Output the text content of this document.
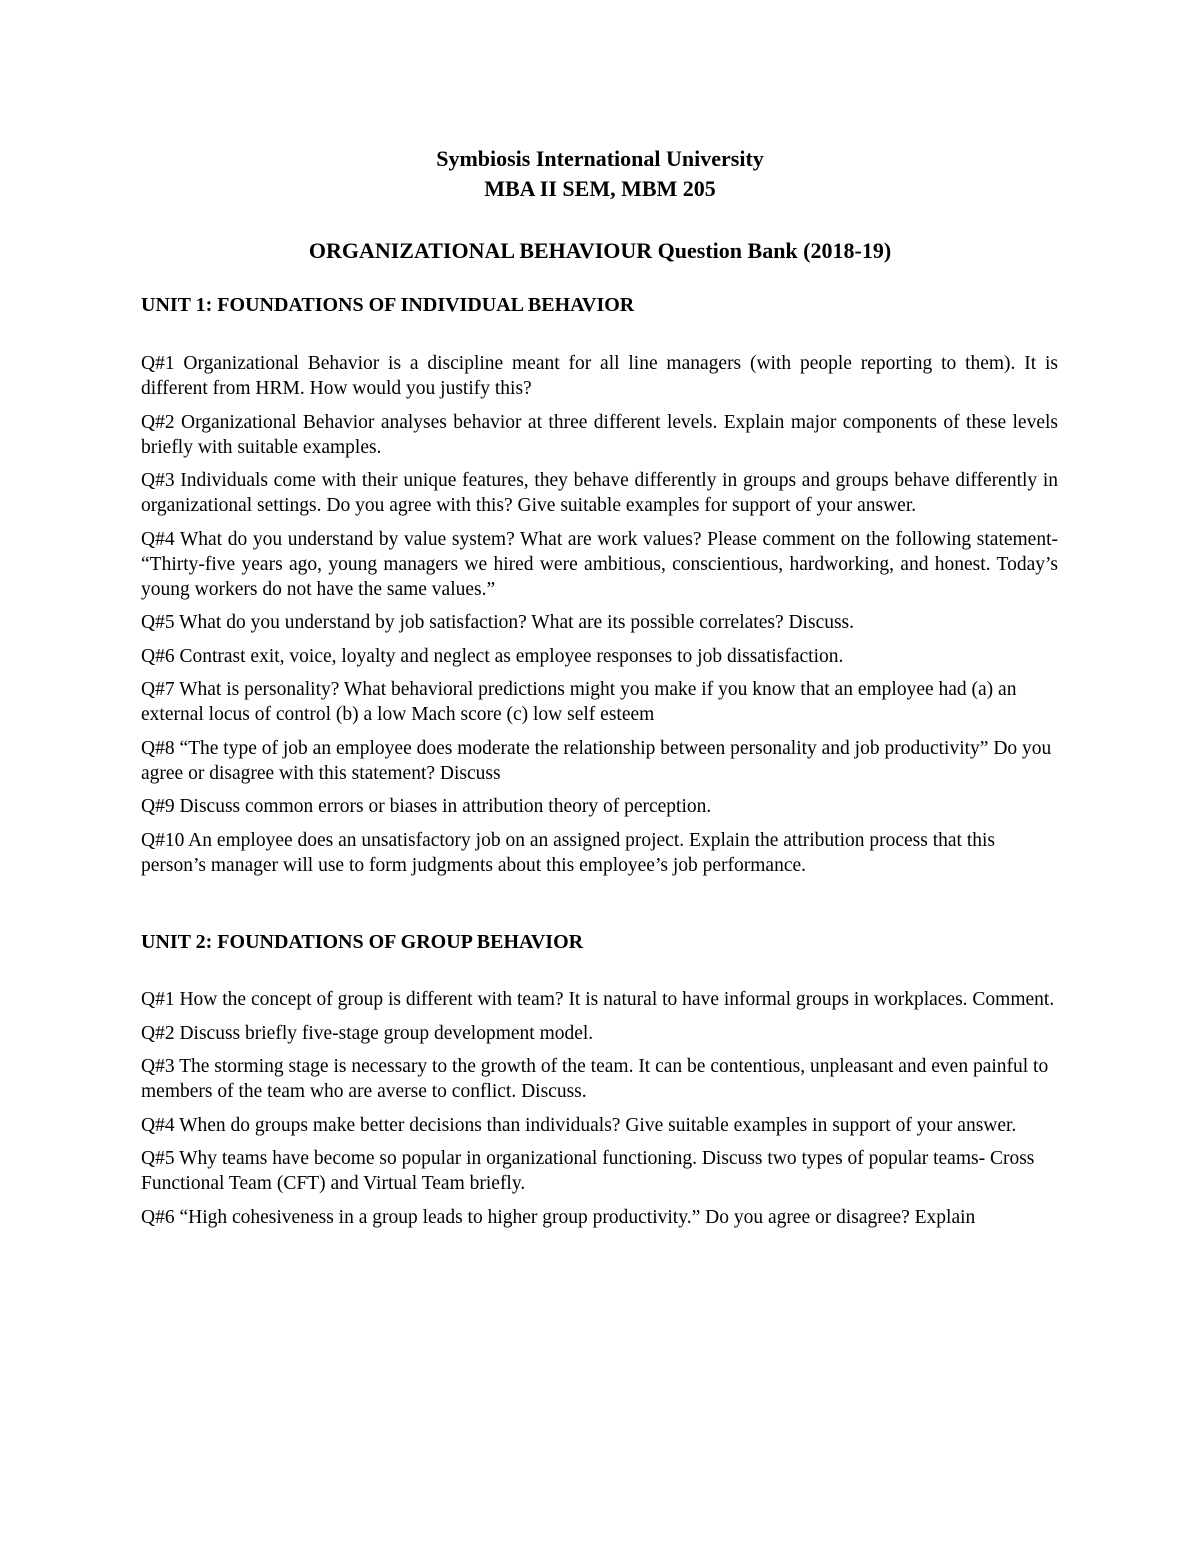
Symbiosis International University
MBA II SEM, MBM 205
ORGANIZATIONAL BEHAVIOUR Question Bank (2018-19)
UNIT 1: FOUNDATIONS OF INDIVIDUAL BEHAVIOR

Q#1 Organizational Behavior is a discipline meant for all line managers (with people reporting to them). It is different from HRM. How would you justify this?

Q#2 Organizational Behavior analyses behavior at three different levels. Explain major components of these levels briefly with suitable examples.

Q#3 Individuals come with their unique features, they behave differently in groups and groups behave differently in organizational settings. Do you agree with this? Give suitable examples for support of your answer.

Q#4 What do you understand by value system? What are work values? Please comment on the following statement- “Thirty-five years ago, young managers we hired were ambitious, conscientious, hardworking, and honest. Today’s young workers do not have the same values.”

Q#5 What do you understand by job satisfaction? What are its possible correlates? Discuss.

Q#6 Contrast exit, voice, loyalty and neglect as employee responses to job dissatisfaction.

Q#7 What is personality? What behavioral predictions might you make if you know that an employee had (a) an external locus of control (b) a low Mach score (c) low self esteem

Q#8 “The type of job an employee does moderate the relationship between personality and job productivity” Do you agree or disagree with this statement? Discuss

Q#9 Discuss common errors or biases in attribution theory of perception.

Q#10 An employee does an unsatisfactory job on an assigned project. Explain the attribution process that this person’s manager will use to form judgments about this employee’s job performance.

UNIT 2: FOUNDATIONS OF GROUP BEHAVIOR

Q#1 How the concept of group is different with team? It is natural to have informal groups in workplaces. Comment.

Q#2 Discuss briefly five-stage group development model.

Q#3 The storming stage is necessary to the growth of the team. It can be contentious, unpleasant and even painful to members of the team who are averse to conflict. Discuss.

Q#4 When do groups make better decisions than individuals? Give suitable examples in support of your answer.

Q#5 Why teams have become so popular in organizational functioning. Discuss two types of popular teams- Cross Functional Team (CFT) and Virtual Team briefly.

Q#6 “High cohesiveness in a group leads to higher group productivity.” Do you agree or disagree? Explain
